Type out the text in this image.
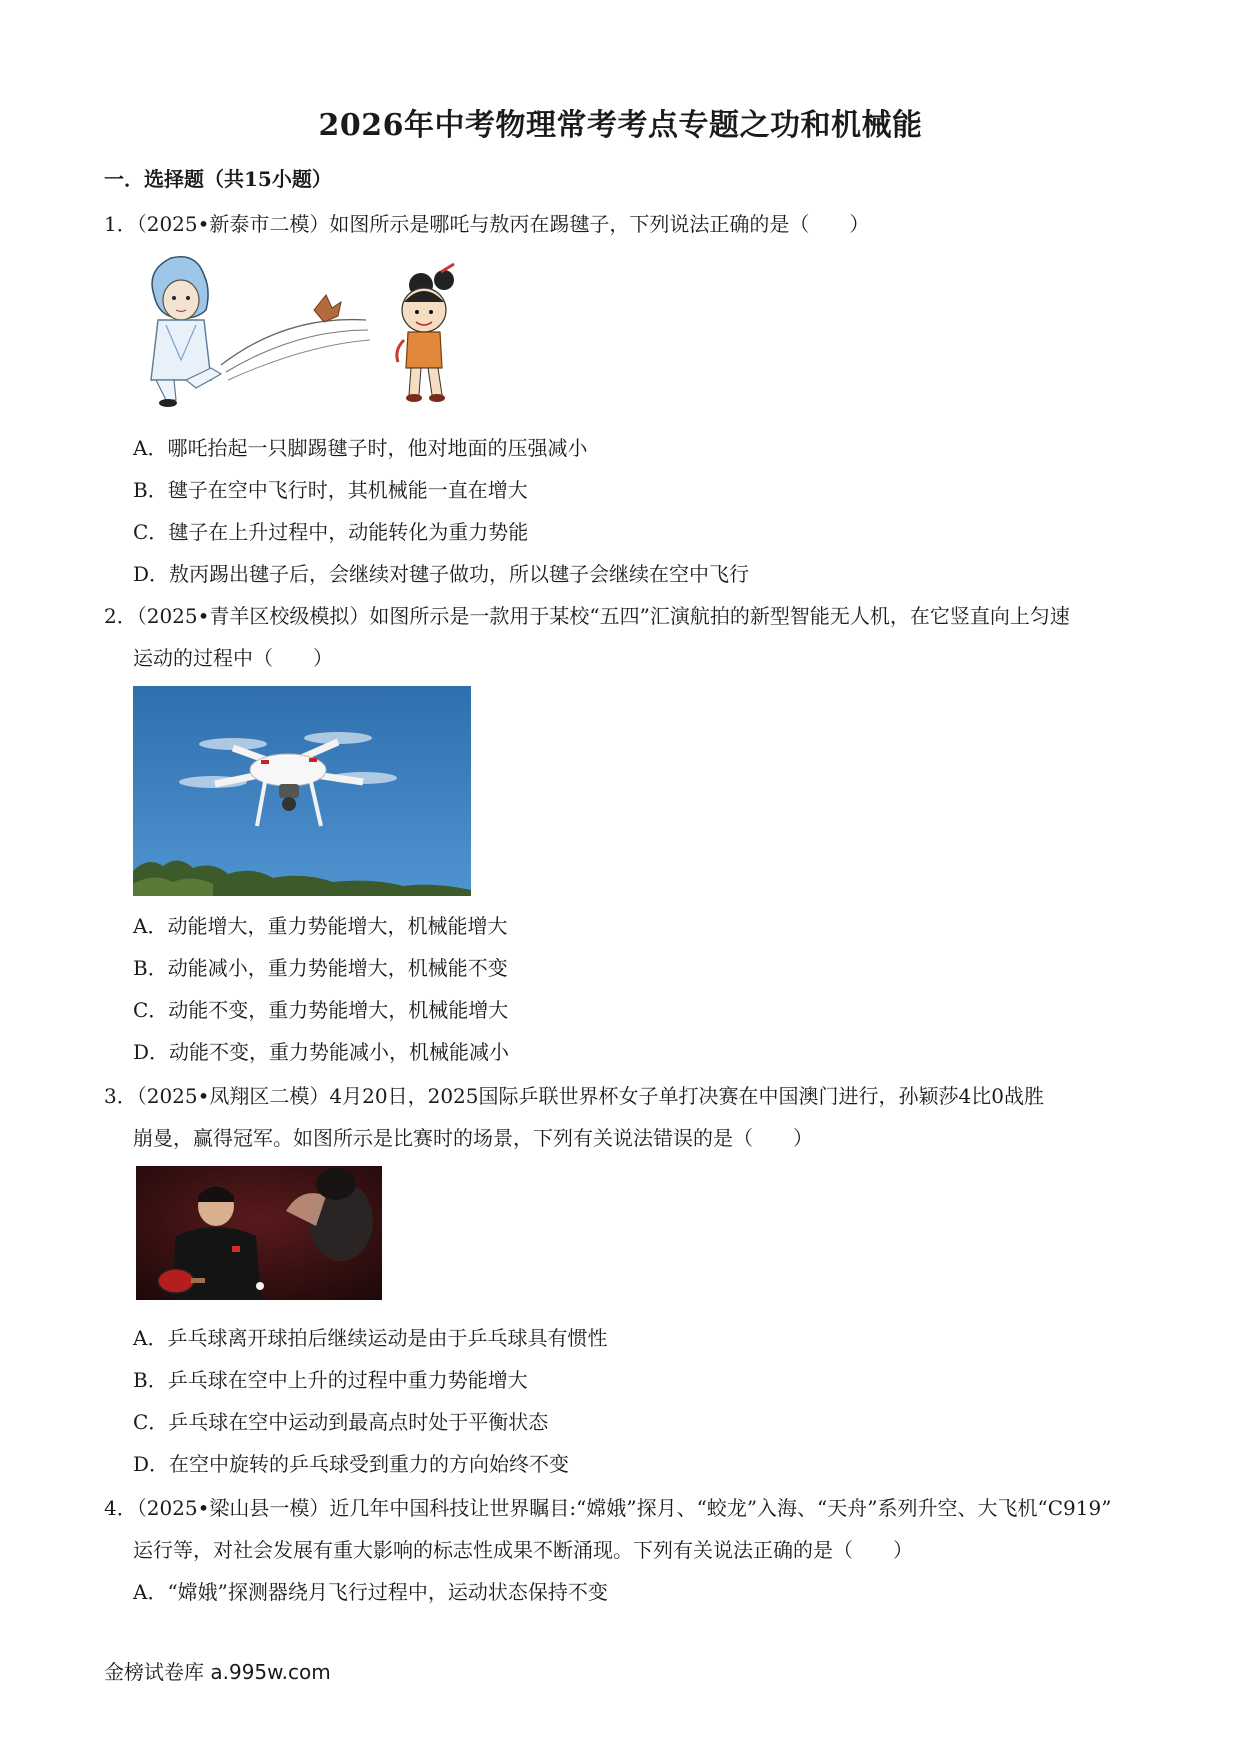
2026年中考物理常考考点专题之功和机械能
一．选择题（共15小题）
1．（2025•新泰市二模）如图所示是哪吒与敖丙在踢毽子，下列说法正确的是（　　）
A．哪吒抬起一只脚踢毽子时，他对地面的压强减小
B．毽子在空中飞行时，其机械能一直在增大
C．毽子在上升过程中，动能转化为重力势能
D．敖丙踢出毽子后，会继续对毽子做功，所以毽子会继续在空中飞行
2．（2025•青羊区校级模拟）如图所示是一款用于某校“五四”汇演航拍的新型智能无人机，在它竖直向上匀速
运动的过程中（　　）
A．动能增大，重力势能增大，机械能增大
B．动能减小，重力势能增大，机械能不变
C．动能不变，重力势能增大，机械能增大
D．动能不变，重力势能减小，机械能减小
3．（2025•凤翔区二模）4月20日，2025国际乒联世界杯女子单打决赛在中国澳门进行，孙颖莎4比0战胜
崩曼，赢得冠军。如图所示是比赛时的场景，下列有关说法错误的是（　　）
A．乒乓球离开球拍后继续运动是由于乒乓球具有惯性
B．乒乓球在空中上升的过程中重力势能增大
C．乒乓球在空中运动到最高点时处于平衡状态
D．在空中旋转的乒乓球受到重力的方向始终不变
4．（2025•梁山县一模）近几年中国科技让世界瞩目:“嫦娥”探月、“蛟龙”入海、“天舟”系列升空、大飞机“C919”
运行等，对社会发展有重大影响的标志性成果不断涌现。下列有关说法正确的是（　　）
A．“嫦娥”探测器绕月飞行过程中，运动状态保持不变
金榜试卷库 a.995w.com
